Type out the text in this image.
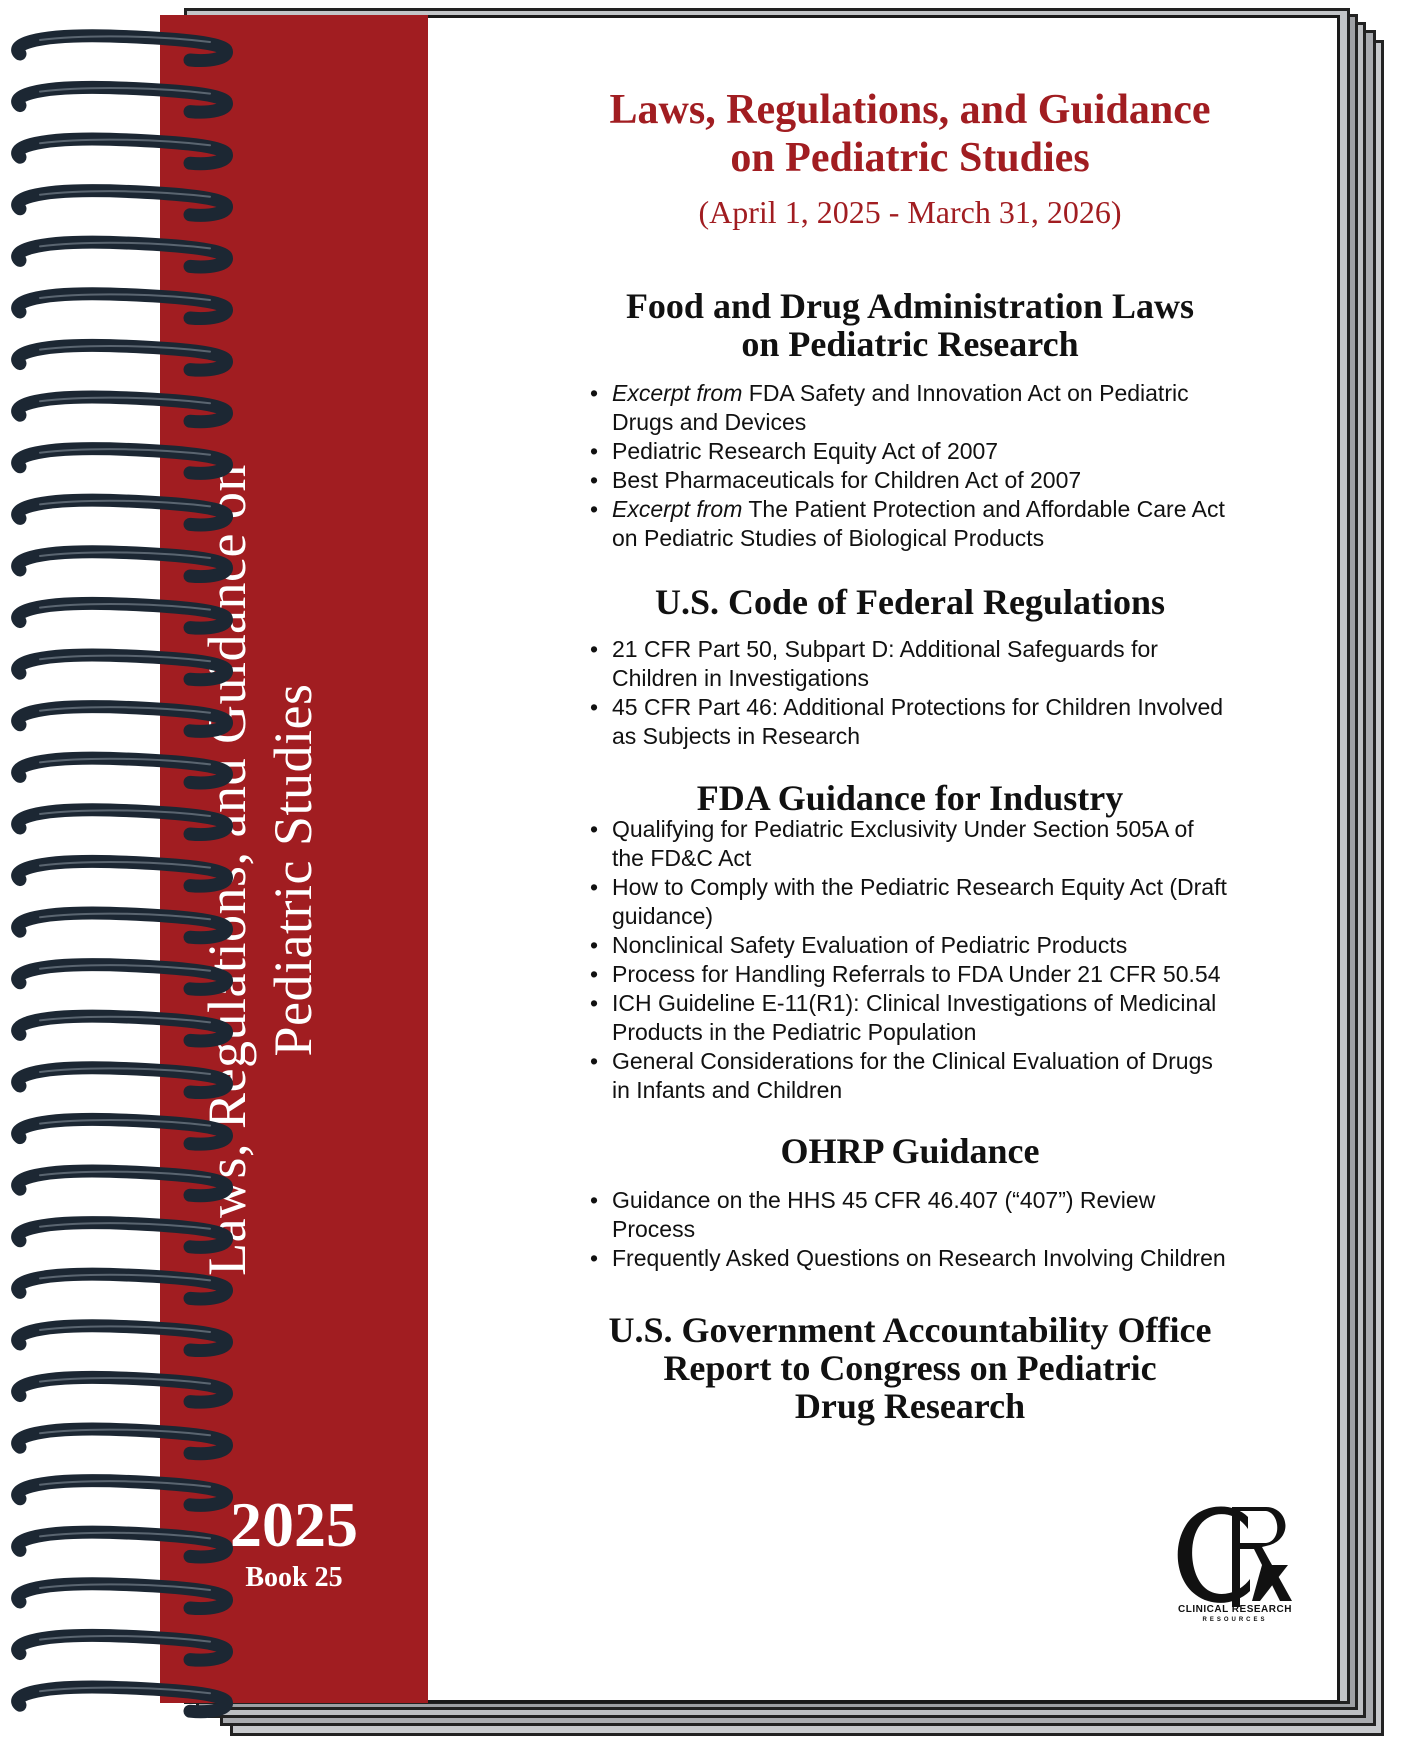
Laws, Regulations, and Guidance on Pediatric Studies
2025
Book 25
Laws, Regulations, and Guidance
on Pediatric Studies
(April 1, 2025 - March 31, 2026)
Food and Drug Administration Laws
on Pediatric Research
• Excerpt from FDA Safety and Innovation Act on Pediatric
Drugs and Devices
• Pediatric Research Equity Act of 2007
• Best Pharmaceuticals for Children Act of 2007
• Excerpt from The Patient Protection and Affordable Care Act
on Pediatric Studies of Biological Products
U.S. Code of Federal Regulations
• 21 CFR Part 50, Subpart D: Additional Safeguards for
Children in Investigations
• 45 CFR Part 46: Additional Protections for Children Involved
as Subjects in Research
FDA Guidance for Industry
• Qualifying for Pediatric Exclusivity Under Section 505A of
the FD&C Act
• How to Comply with the Pediatric Research Equity Act (Draft
guidance)
• Nonclinical Safety Evaluation of Pediatric Products
• Process for Handling Referrals to FDA Under 21 CFR 50.54
• ICH Guideline E-11(R1): Clinical Investigations of Medicinal
Products in the Pediatric Population
• General Considerations for the Clinical Evaluation of Drugs
in Infants and Children
OHRP Guidance
• Guidance on the HHS 45 CFR 46.407 (“407”) Review
Process
• Frequently Asked Questions on Research Involving Children
U.S. Government Accountability Office
Report to Congress on Pediatric
Drug Research
CLINICAL RESEARCH
RESOURCES
